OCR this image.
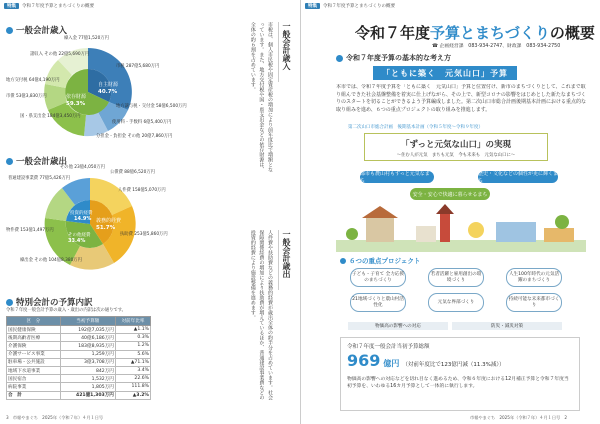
特集	令和７年度予算とまちづくりの概要
一般会計歳入
自主財源
40.7%
依存財源
59.3%
繰入金 77億1,520万円
諸収入 その他 22億5,690万円
地方交付税 64億4,190万円
市債 53億3,830万円
国・県支出金 184億3,450万円
市税 287億5,680万円
地方譲与税・交付金 58億6,500万円
使用料・手数料 6億5,400万円
分担金・負担金 その他 20億7,860万円
一般会計歳出
義務的経費
51.7%
その他経費
33.4%
投資的経費
14.9%
普通建設事業費 77億5,426万円
その他 23億4,050万円
公債費 88億6,520万円
人件費 158億5,070万円
扶助費 253億5,860万円
物件費 153億1,497万円
繰出金 その他 104億8,380万円
特別会計の予算内訳
令和７年度一般会計予算の歳入・歳出の内訳は次の通りです。
区　分	当初予算額	対前年比率
国民健康保険	192億7,035万円	▲1.1%
後期高齢者医療	40億6,186万円	0.3%
介護保険	183億8,935万円	1.2%
介護サービス事業	1,259万円	5.6%
駐車場・公共施設	3億3,708万円	▲71.1%
地域下水道事業	842万円	3.4%
国民宿舎	1,532万円	22.6%
病院事業	1,805万円	111.8%
合　計	421億1,303万円	▲3.2%
一般会計歳入
市税は、個人市民税や固定資産税の増加により前年度比で増額となっています。また、地方交付税や国・県支出金などの依存財源は、全体の約６割を占めています。
一般会計歳出
人件費や扶助費などの義務的経費が歳出全体の約半分を占めています。社会保障関係経費の増加により扶助費が増えているほか、普通建設事業費などの投資的経費により施設整備を進めます。
3　市報やまぐち　2025年（令和７年）４月１日号
特集	令和７年度予算とまちづくりの概要
令和７年度予算とまちづくりの概要
☎ 企画経営課　083-934-2747、財政課　083-934-2750
令和７年度予算の基本的な考え方
「ともに築く　元気山口」予算
本市では、令和７年度予算を「ともに築く　元気山口」予算と位置付け、新市のまちづくりとして、これまで取り組んできた社会基盤整備を着実に仕上げながら、その上で、新型コロナの影響をはじめとした新たなまちづくりのスタートを切ることができるよう予算編成しました。第二次山口市総合計画後期基本計画における重点的な取り組みを進め、６つの重点プロジェクトの取り組みを推進します。
第二次山口市総合計画　後期基本計画（令和５年度〜令和９年度）
「ずっと元気な山口」の実現
〜住む人が元気　まちも元気　今も未来も　元気な山口に〜
都市も農山村もずっと元気なまち
歴史・文化などの個性が更に輝くまち
安全・安心で快適に暮らせるまち
６つの重点プロジェクト
子ども・子育て 全力応援のまちづくり
若者活躍と雇用創出の環境づくり
人生100年時代の元気活躍のまちづくり
21地域づくりと農山村活性化
元気な界部づくり
持続可能な未来都市づくり
物価高の影響への対応	防災・減災対策
令和７年度一般会計当初予算総額
969 億円 （対前年度比で123億円減（11.3%減））
物価高の影響への対応などを切れ目なく進めるため、令和６年度における12月補正予算と令和７年度当初予算を、いわゆる16カ月予算として一体的に執行します。
市報やまぐち　2025年（令和７年）４月１日号　2
